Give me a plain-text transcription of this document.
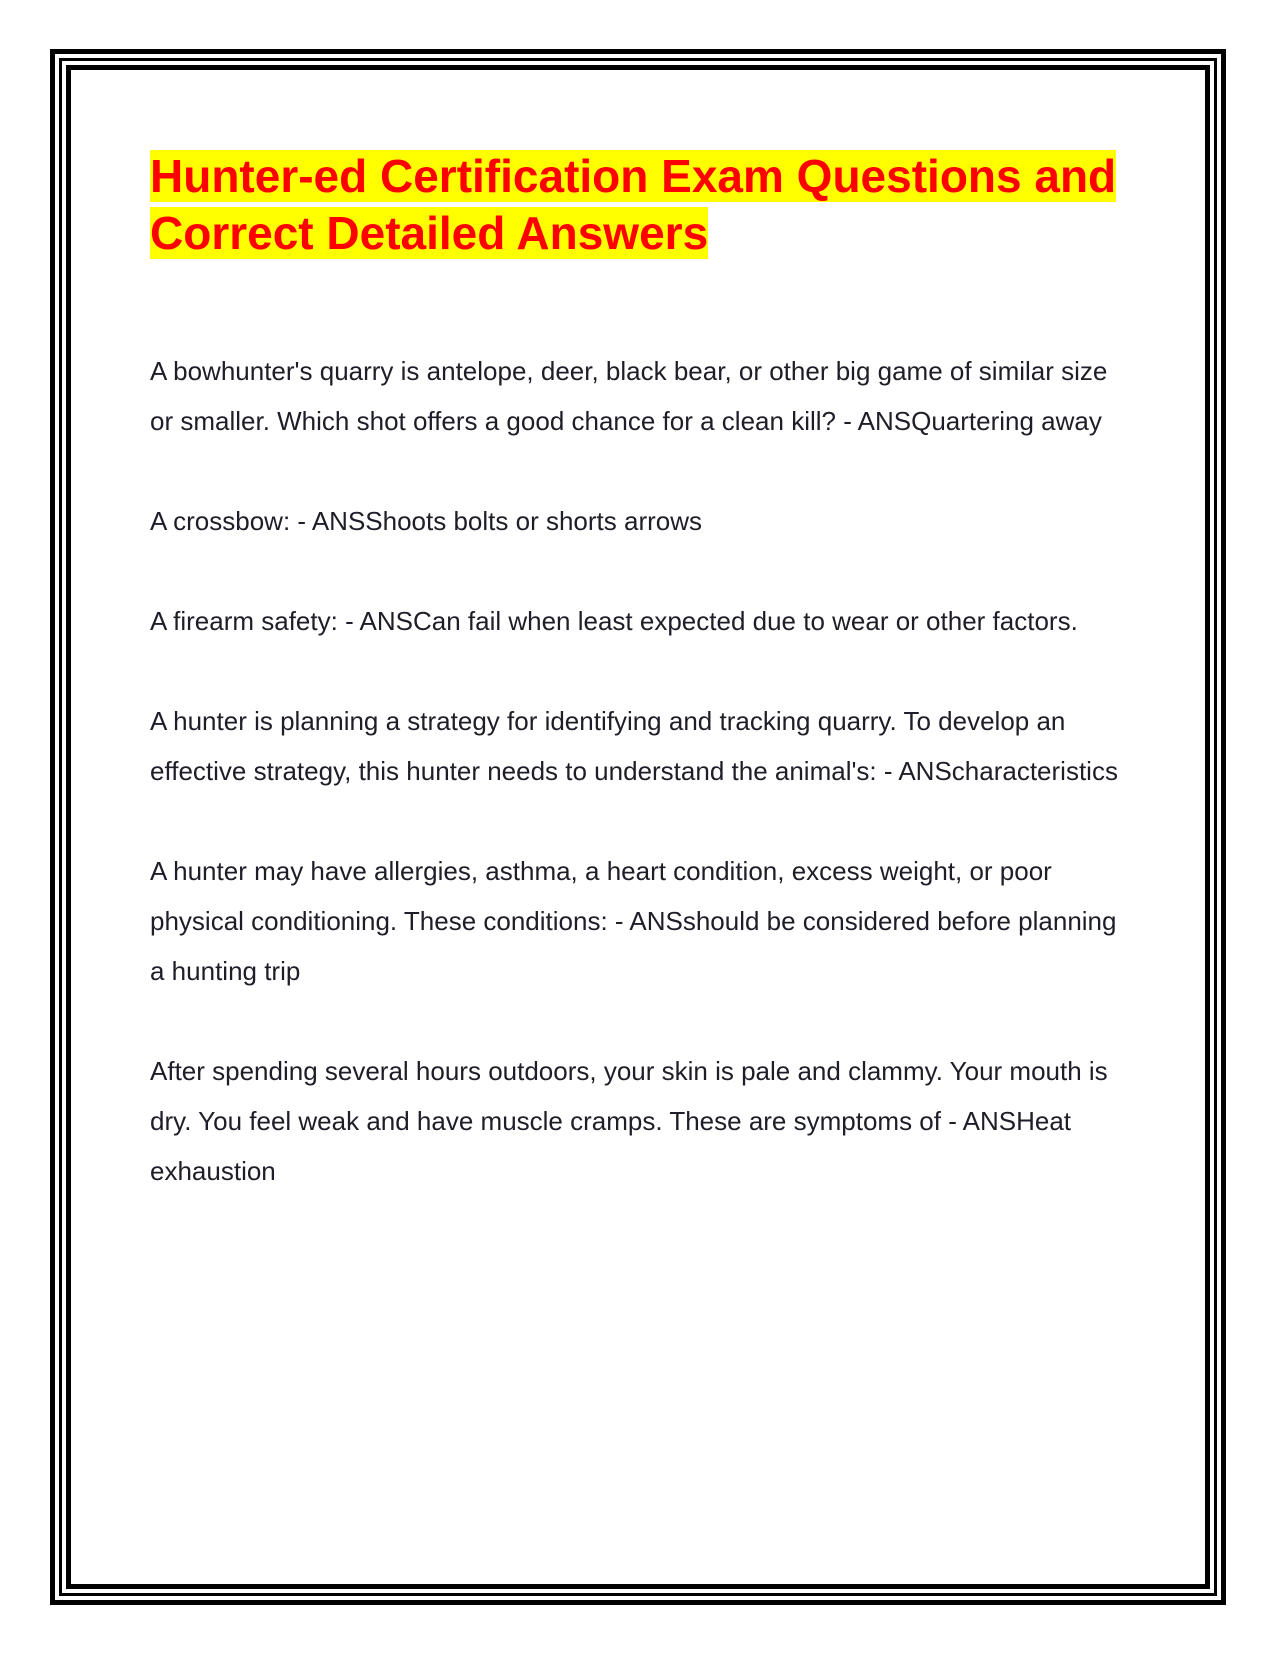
Hunter-ed Certification Exam Questions and Correct Detailed Answers

A bowhunter's quarry is antelope, deer, black bear, or other big game of similar size or smaller. Which shot offers a good chance for a clean kill? - ANSQuartering away

A crossbow: - ANSShoots bolts or shorts arrows

A firearm safety: - ANSCan fail when least expected due to wear or other factors.

A hunter is planning a strategy for identifying and tracking quarry. To develop an effective strategy, this hunter needs to understand the animal's: - ANScharacteristics

A hunter may have allergies, asthma, a heart condition, excess weight, or poor physical conditioning. These conditions: - ANSshould be considered before planning a hunting trip

After spending several hours outdoors, your skin is pale and clammy. Your mouth is dry. You feel weak and have muscle cramps. These are symptoms of - ANSHeat exhaustion
